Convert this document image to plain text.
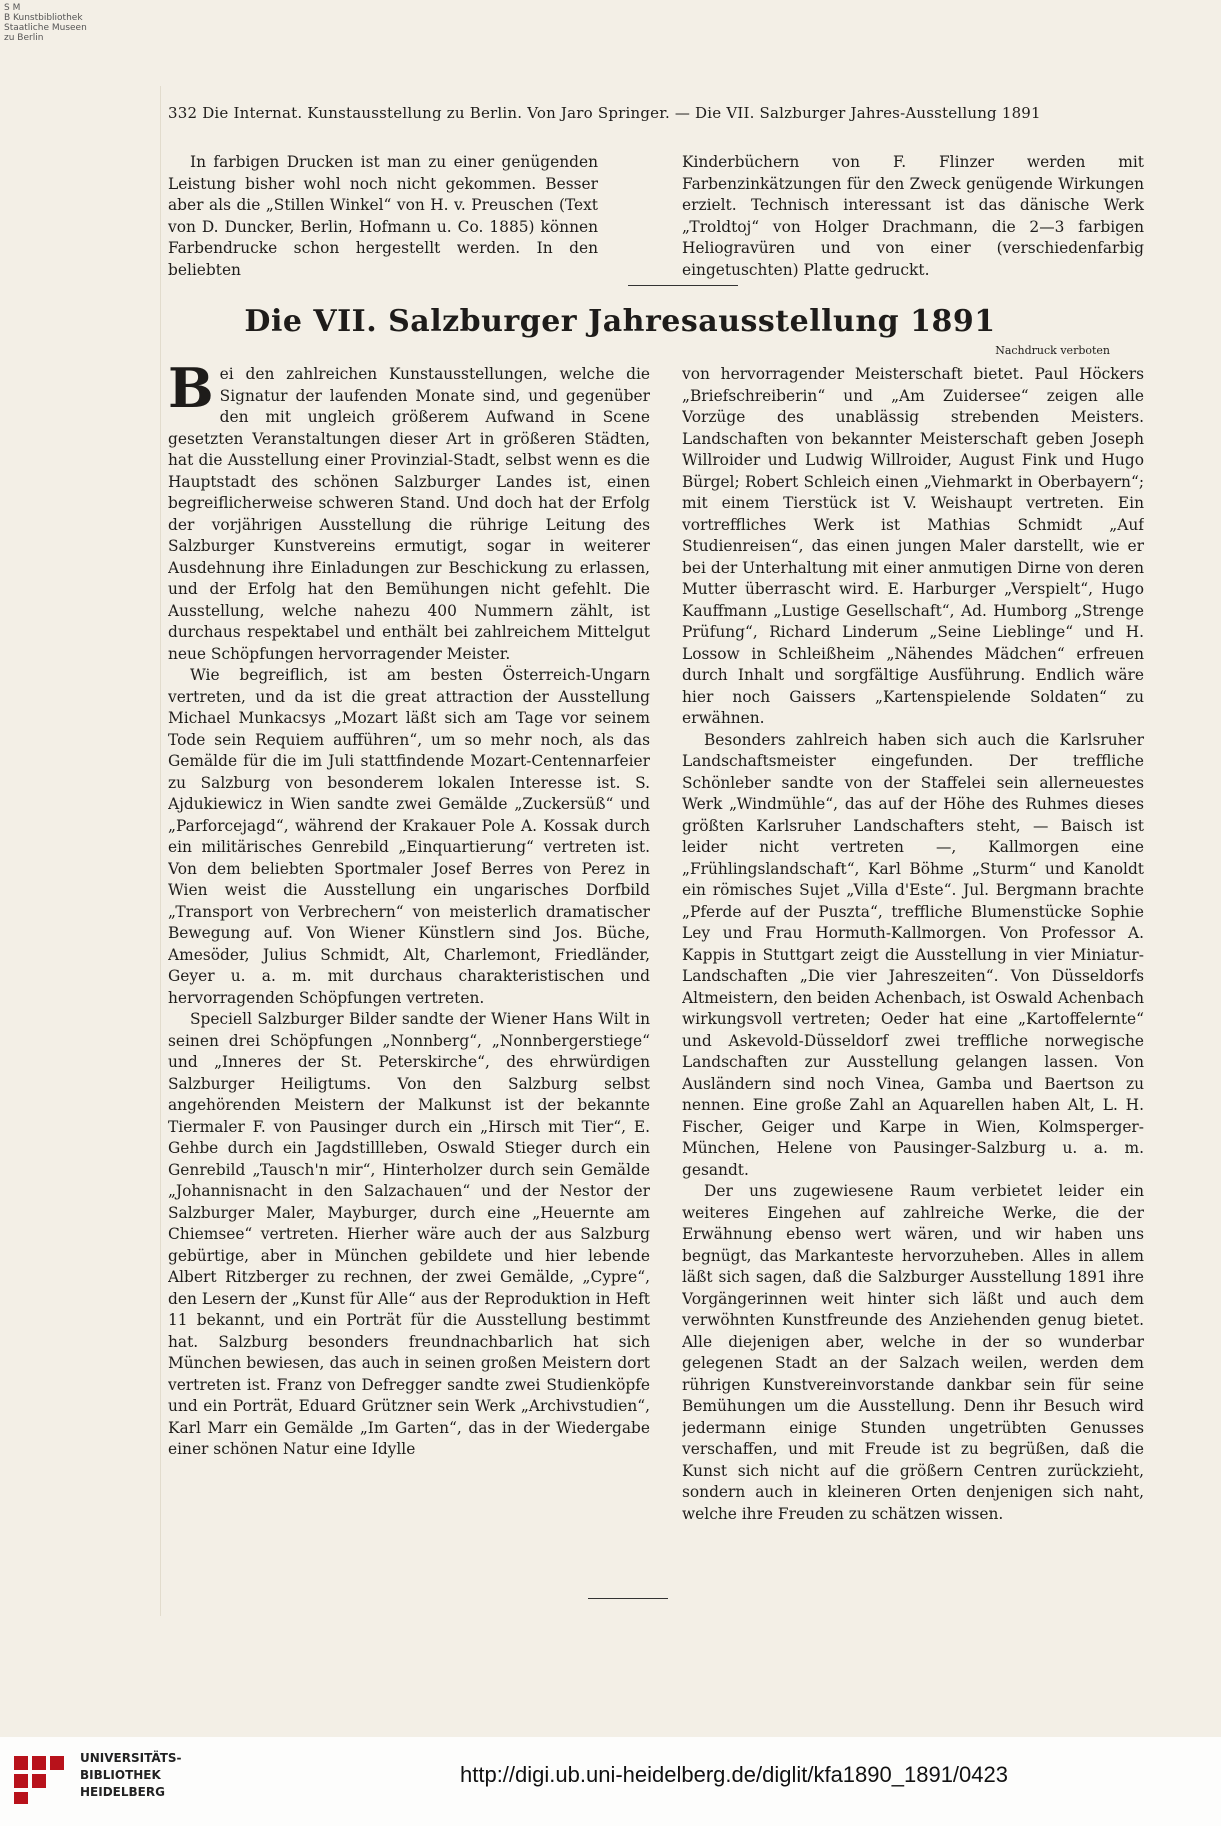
S M
B Kunstbibliothek
Staatliche Museen
zu Berlin
332 Die Internat. Kunstausstellung zu Berlin. Von Jaro Springer. — Die VII. Salzburger Jahres-Ausstellung 1891

In farbigen Drucken ist man zu einer genügenden Leistung bisher wohl noch nicht gekommen. Besser aber als die „Stillen Winkel“ von H. v. Preuschen (Text von D. Duncker, Berlin, Hofmann u. Co. 1885) können Farbendrucke schon hergestellt werden. In den beliebten

Kinderbüchern von F. Flinzer werden mit Farbenzinkätzungen für den Zweck genügende Wirkungen erzielt. Technisch interessant ist das dänische Werk „Troldtoj“ von Holger Drachmann, die 2—3 farbigen Heliogravüren und von einer (verschiedenfarbig eingetuschten) Platte gedruckt.

Die VII. Salzburger Jahresausstellung 1891
Nachdruck verboten

Bei den zahlreichen Kunstausstellungen, welche die Signatur der laufenden Monate sind, und gegenüber den mit ungleich größerem Aufwand in Scene gesetzten Veranstaltungen dieser Art in größeren Städten, hat die Ausstellung einer Provinzial-Stadt, selbst wenn es die Hauptstadt des schönen Salzburger Landes ist, einen begreiflicherweise schweren Stand. Und doch hat der Erfolg der vorjährigen Ausstellung die rührige Leitung des Salzburger Kunstvereins ermutigt, sogar in weiterer Ausdehnung ihre Einladungen zur Beschickung zu erlassen, und der Erfolg hat den Bemühungen nicht gefehlt. Die Ausstellung, welche nahezu 400 Nummern zählt, ist durchaus respektabel und enthält bei zahlreichem Mittelgut neue Schöpfungen hervorragender Meister.

Wie begreiflich, ist am besten Österreich-Ungarn vertreten, und da ist die great attraction der Ausstellung Michael Munkacsys „Mozart läßt sich am Tage vor seinem Tode sein Requiem aufführen“, um so mehr noch, als das Gemälde für die im Juli stattfindende Mozart-Centennarfeier zu Salzburg von besonderem lokalen Interesse ist. S. Ajdukiewicz in Wien sandte zwei Gemälde „Zuckersüß“ und „Parforcejagd“, während der Krakauer Pole A. Kossak durch ein militärisches Genrebild „Einquartierung“ vertreten ist. Von dem beliebten Sportmaler Josef Berres von Perez in Wien weist die Ausstellung ein ungarisches Dorfbild „Transport von Verbrechern“ von meisterlich dramatischer Bewegung auf. Von Wiener Künstlern sind Jos. Büche, Amesöder, Julius Schmidt, Alt, Charlemont, Friedländer, Geyer u. a. m. mit durchaus charakteristischen und hervorragenden Schöpfungen vertreten.

Speciell Salzburger Bilder sandte der Wiener Hans Wilt in seinen drei Schöpfungen „Nonnberg“, „Nonnbergerstiege“ und „Inneres der St. Peterskirche“, des ehrwürdigen Salzburger Heiligtums. Von den Salzburg selbst angehörenden Meistern der Malkunst ist der bekannte Tiermaler F. von Pausinger durch ein „Hirsch mit Tier“, E. Gehbe durch ein Jagdstillleben, Oswald Stieger durch ein Genrebild „Tausch'n mir“, Hinterholzer durch sein Gemälde „Johannisnacht in den Salzachauen“ und der Nestor der Salzburger Maler, Mayburger, durch eine „Heuernte am Chiemsee“ vertreten. Hierher wäre auch der aus Salzburg gebürtige, aber in München gebildete und hier lebende Albert Ritzberger zu rechnen, der zwei Gemälde, „Cypre“, den Lesern der „Kunst für Alle“ aus der Reproduktion in Heft 11 bekannt, und ein Porträt für die Ausstellung bestimmt hat. Salzburg besonders freundnachbarlich hat sich München bewiesen, das auch in seinen großen Meistern dort vertreten ist. Franz von Defregger sandte zwei Studienköpfe und ein Porträt, Eduard Grützner sein Werk „Archivstudien“, Karl Marr ein Gemälde „Im Garten“, das in der Wiedergabe einer schönen Natur eine Idylle

von hervorragender Meisterschaft bietet. Paul Höckers „Briefschreiberin“ und „Am Zuidersee“ zeigen alle Vorzüge des unablässig strebenden Meisters. Landschaften von bekannter Meisterschaft geben Joseph Willroider und Ludwig Willroider, August Fink und Hugo Bürgel; Robert Schleich einen „Viehmarkt in Oberbayern“; mit einem Tierstück ist V. Weishaupt vertreten. Ein vortreffliches Werk ist Mathias Schmidt „Auf Studienreisen“, das einen jungen Maler darstellt, wie er bei der Unterhaltung mit einer anmutigen Dirne von deren Mutter überrascht wird. E. Harburger „Verspielt“, Hugo Kauffmann „Lustige Gesellschaft“, Ad. Humborg „Strenge Prüfung“, Richard Linderum „Seine Lieblinge“ und H. Lossow in Schleißheim „Nähendes Mädchen“ erfreuen durch Inhalt und sorgfältige Ausführung. Endlich wäre hier noch Gaissers „Kartenspielende Soldaten“ zu erwähnen.

Besonders zahlreich haben sich auch die Karlsruher Landschaftsmeister eingefunden. Der treffliche Schönleber sandte von der Staffelei sein allerneuestes Werk „Windmühle“, das auf der Höhe des Ruhmes dieses größten Karlsruher Landschafters steht, — Baisch ist leider nicht vertreten —, Kallmorgen eine „Frühlingslandschaft“, Karl Böhme „Sturm“ und Kanoldt ein römisches Sujet „Villa d'Este“. Jul. Bergmann brachte „Pferde auf der Puszta“, treffliche Blumenstücke Sophie Ley und Frau Hormuth-Kallmorgen. Von Professor A. Kappis in Stuttgart zeigt die Ausstellung in vier Miniatur-Landschaften „Die vier Jahreszeiten“. Von Düsseldorfs Altmeistern, den beiden Achenbach, ist Oswald Achenbach wirkungsvoll vertreten; Oeder hat eine „Kartoffelernte“ und Askevold-Düsseldorf zwei treffliche norwegische Landschaften zur Ausstellung gelangen lassen. Von Ausländern sind noch Vinea, Gamba und Baertson zu nennen. Eine große Zahl an Aquarellen haben Alt, L. H. Fischer, Geiger und Karpe in Wien, Kolmsperger-München, Helene von Pausinger-Salzburg u. a. m. gesandt.

Der uns zugewiesene Raum verbietet leider ein weiteres Eingehen auf zahlreiche Werke, die der Erwähnung ebenso wert wären, und wir haben uns begnügt, das Markanteste hervorzuheben. Alles in allem läßt sich sagen, daß die Salzburger Ausstellung 1891 ihre Vorgängerinnen weit hinter sich läßt und auch dem verwöhnten Kunstfreunde des Anziehenden genug bietet. Alle diejenigen aber, welche in der so wunderbar gelegenen Stadt an der Salzach weilen, werden dem rührigen Kunstvereinvorstande dankbar sein für seine Bemühungen um die Ausstellung. Denn ihr Besuch wird jedermann einige Stunden ungetrübten Genusses verschaffen, und mit Freude ist zu begrüßen, daß die Kunst sich nicht auf die größern Centren zurückzieht, sondern auch in kleineren Orten denjenigen sich naht, welche ihre Freuden zu schätzen wissen.

UNIVERSITÄTS-
BIBLIOTHEK
HEIDELBERG
http://digi.ub.uni-heidelberg.de/diglit/kfa1890_1891/0423
